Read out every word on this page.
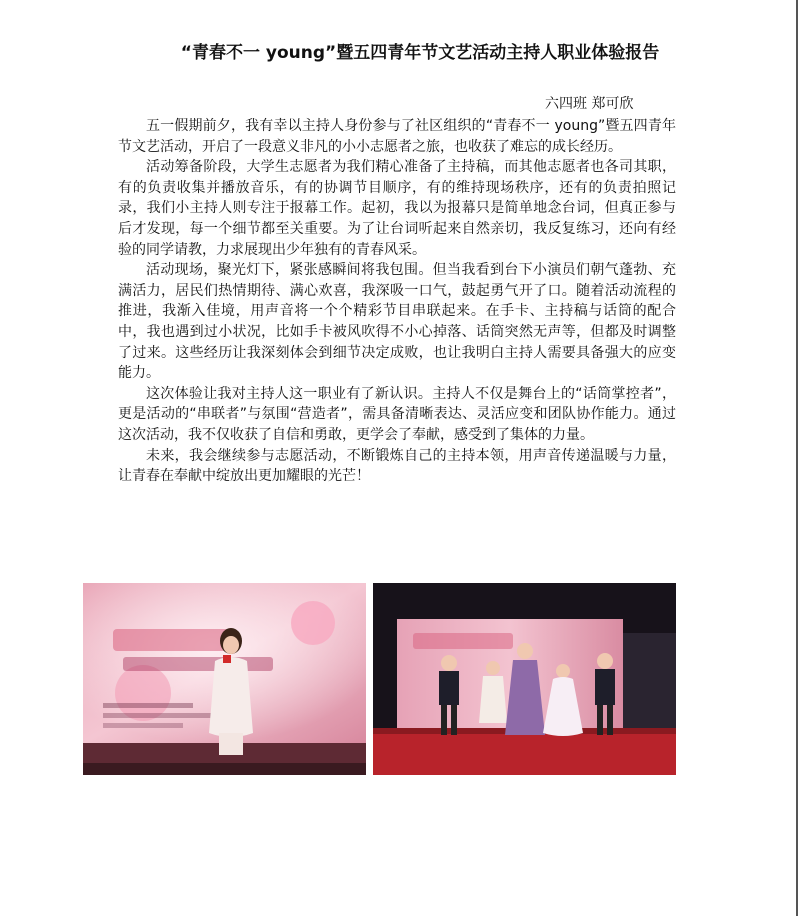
“青春不一 young”暨五四青年节文艺活动主持人职业体验报告
六四班 郑可欣

五一假期前夕，我有幸以主持人身份参与了社区组织的“青春不一 young”暨五四青年节文艺活动，开启了一段意义非凡的小小志愿者之旅，也收获了难忘的成长经历。

活动筹备阶段，大学生志愿者为我们精心准备了主持稿，而其他志愿者也各司其职，有的负责收集并播放音乐，有的协调节目顺序，有的维持现场秩序，还有的负责拍照记录，我们小主持人则专注于报幕工作。起初，我以为报幕只是简单地念台词，但真正参与后才发现，每一个细节都至关重要。为了让台词听起来自然亲切，我反复练习，还向有经验的同学请教，力求展现出少年独有的青春风采。

活动现场，聚光灯下，紧张感瞬间将我包围。但当我看到台下小演员们朝气蓬勃、充满活力，居民们热情期待、满心欢喜，我深吸一口气，鼓起勇气开了口。随着活动流程的推进，我渐入佳境，用声音将一个个精彩节目串联起来。在手卡、主持稿与话筒的配合中，我也遇到过小状况，比如手卡被风吹得不小心掉落、话筒突然无声等，但都及时调整了过来。这些经历让我深刻体会到细节决定成败，也让我明白主持人需要具备强大的应变能力。

这次体验让我对主持人这一职业有了新认识。主持人不仅是舞台上的“话筒掌控者”，更是活动的“串联者”与氛围“营造者”，需具备清晰表达、灵活应变和团队协作能力。通过这次活动，我不仅收获了自信和勇敢，更学会了奉献，感受到了集体的力量。

未来，我会继续参与志愿活动，不断锻炼自己的主持本领，用声音传递温暖与力量，让青春在奉献中绽放出更加耀眼的光芒！
